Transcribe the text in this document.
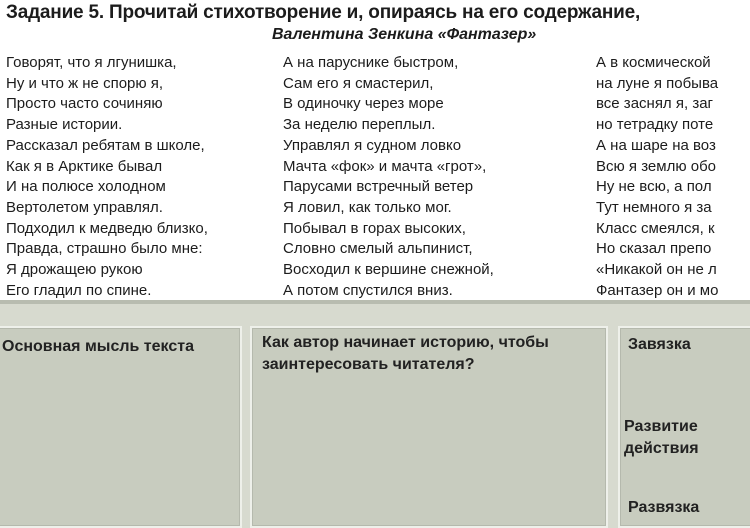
Задание 5. Прочитай стихотворение и, опираясь на его содержание,
Валентина Зенкина «Фантазер»
Говорят, что я лгунишка,
Ну и что ж не спорю я,
Просто часто сочиняю
Разные истории.
Рассказал ребятам в школе,
Как я в Арктике бывал
И на полюсе холодном
Вертолетом управлял.
Подходил к медведю близко,
Правда, страшно было мне:
Я дрожащею рукою
Его гладил по спине.
А на паруснике быстром,
Сам его я смастерил,
В одиночку через море
За неделю переплыл.
Управлял я судном ловко
Мачта «фок» и мачта «грот»,
Парусами встречный ветер
Я ловил, как только мог.
Побывал в горах высоких,
Словно смелый альпинист,
Восходил к вершине снежной,
А потом спустился вниз.
А в космической
на луне я побыва
все заснял я, заг
но тетрадку поте
А на шаре на воз
Всю я землю обо
Ну не всю, а пол
Тут немного я за
Класс смеялся, к
Но сказал препо
«Никакой он не л
Фантазер он и мо
Основная мысль текста	Как автор начинает историю, чтобы заинтересовать читателя?
Завязка
Развитие действия
Развязка
